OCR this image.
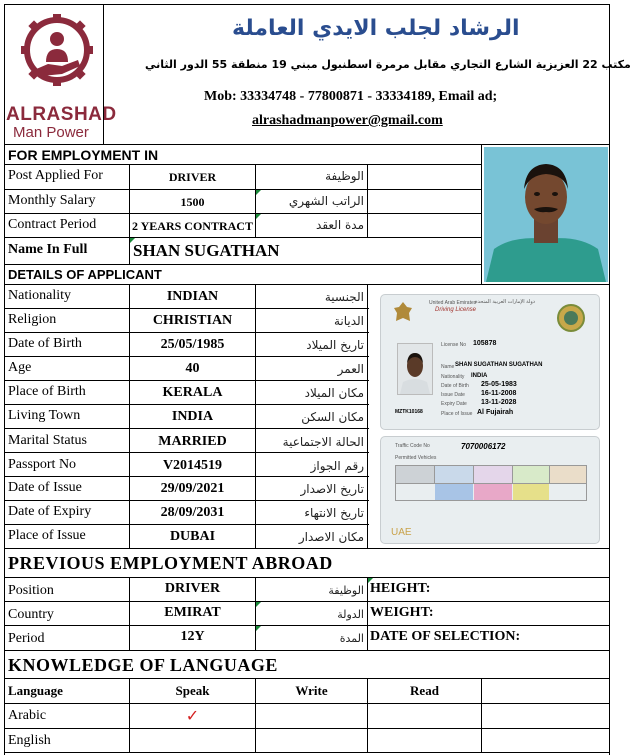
ALRASHAD
Man Power
الرشاد لجلب الايدي العاملة
مكتب 22 العزيزية الشارع التجاري مقابل مرمرة اسطنبول مبني 19 منطقة 55 الدور الثاني
Mob: 33334748 - 77800871 - 33334189, Email ad;
alrashadmanpower@gmail.com
FOR EMPLOYMENT IN
Post Applied For	DRIVER	الوظيفة
Monthly Salary	1500	الراتب الشهري
Contract Period	2 YEARS CONTRACT	مدة العقد
Name In Full	SHAN SUGATHAN
DETAILS OF APPLICANT
Nationality	INDIAN	الجنسية
Religion	CHRISTIAN	الديانة
Date of Birth	25/05/1985	تاريخ الميلاد
Age	40	العمر
Place of Birth	KERALA	مكان الميلاد
Living Town	INDIA	مكان السكن
Marital Status	MARRIED	الحالة الاجتماعية
Passport No	V2014519	رقم الجواز
Date of Issue	29/09/2021	تاريخ الاصدار
Date of Expiry	28/09/2031	تاريخ الانتهاء
Place of Issue	DUBAI	مكان الاصدار
United Arab Emirates
دولة الإمارات العربية المتحدة
Driving License
License No 105878
Name SHAN SUGATHAN SUGATHAN
Nationality INDIA
Date of Birth 25-05-1983
Issue Date 16-11-2008
Expiry Date 13-11-2028
Place of Issue Al Fujairah
MZTK10168
Traffic Code No	7070006172
Permitted Vehicles
UAE
PREVIOUS EMPLOYMENT ABROAD
Position	DRIVER	الوظيفة HEIGHT:
Country	EMIRAT	الدولة WEIGHT:
Period	12Y	المدة DATE OF SELECTION:
KNOWLEDGE OF LANGUAGE
Language	Speak	Write	Read
Arabic	✓
English
